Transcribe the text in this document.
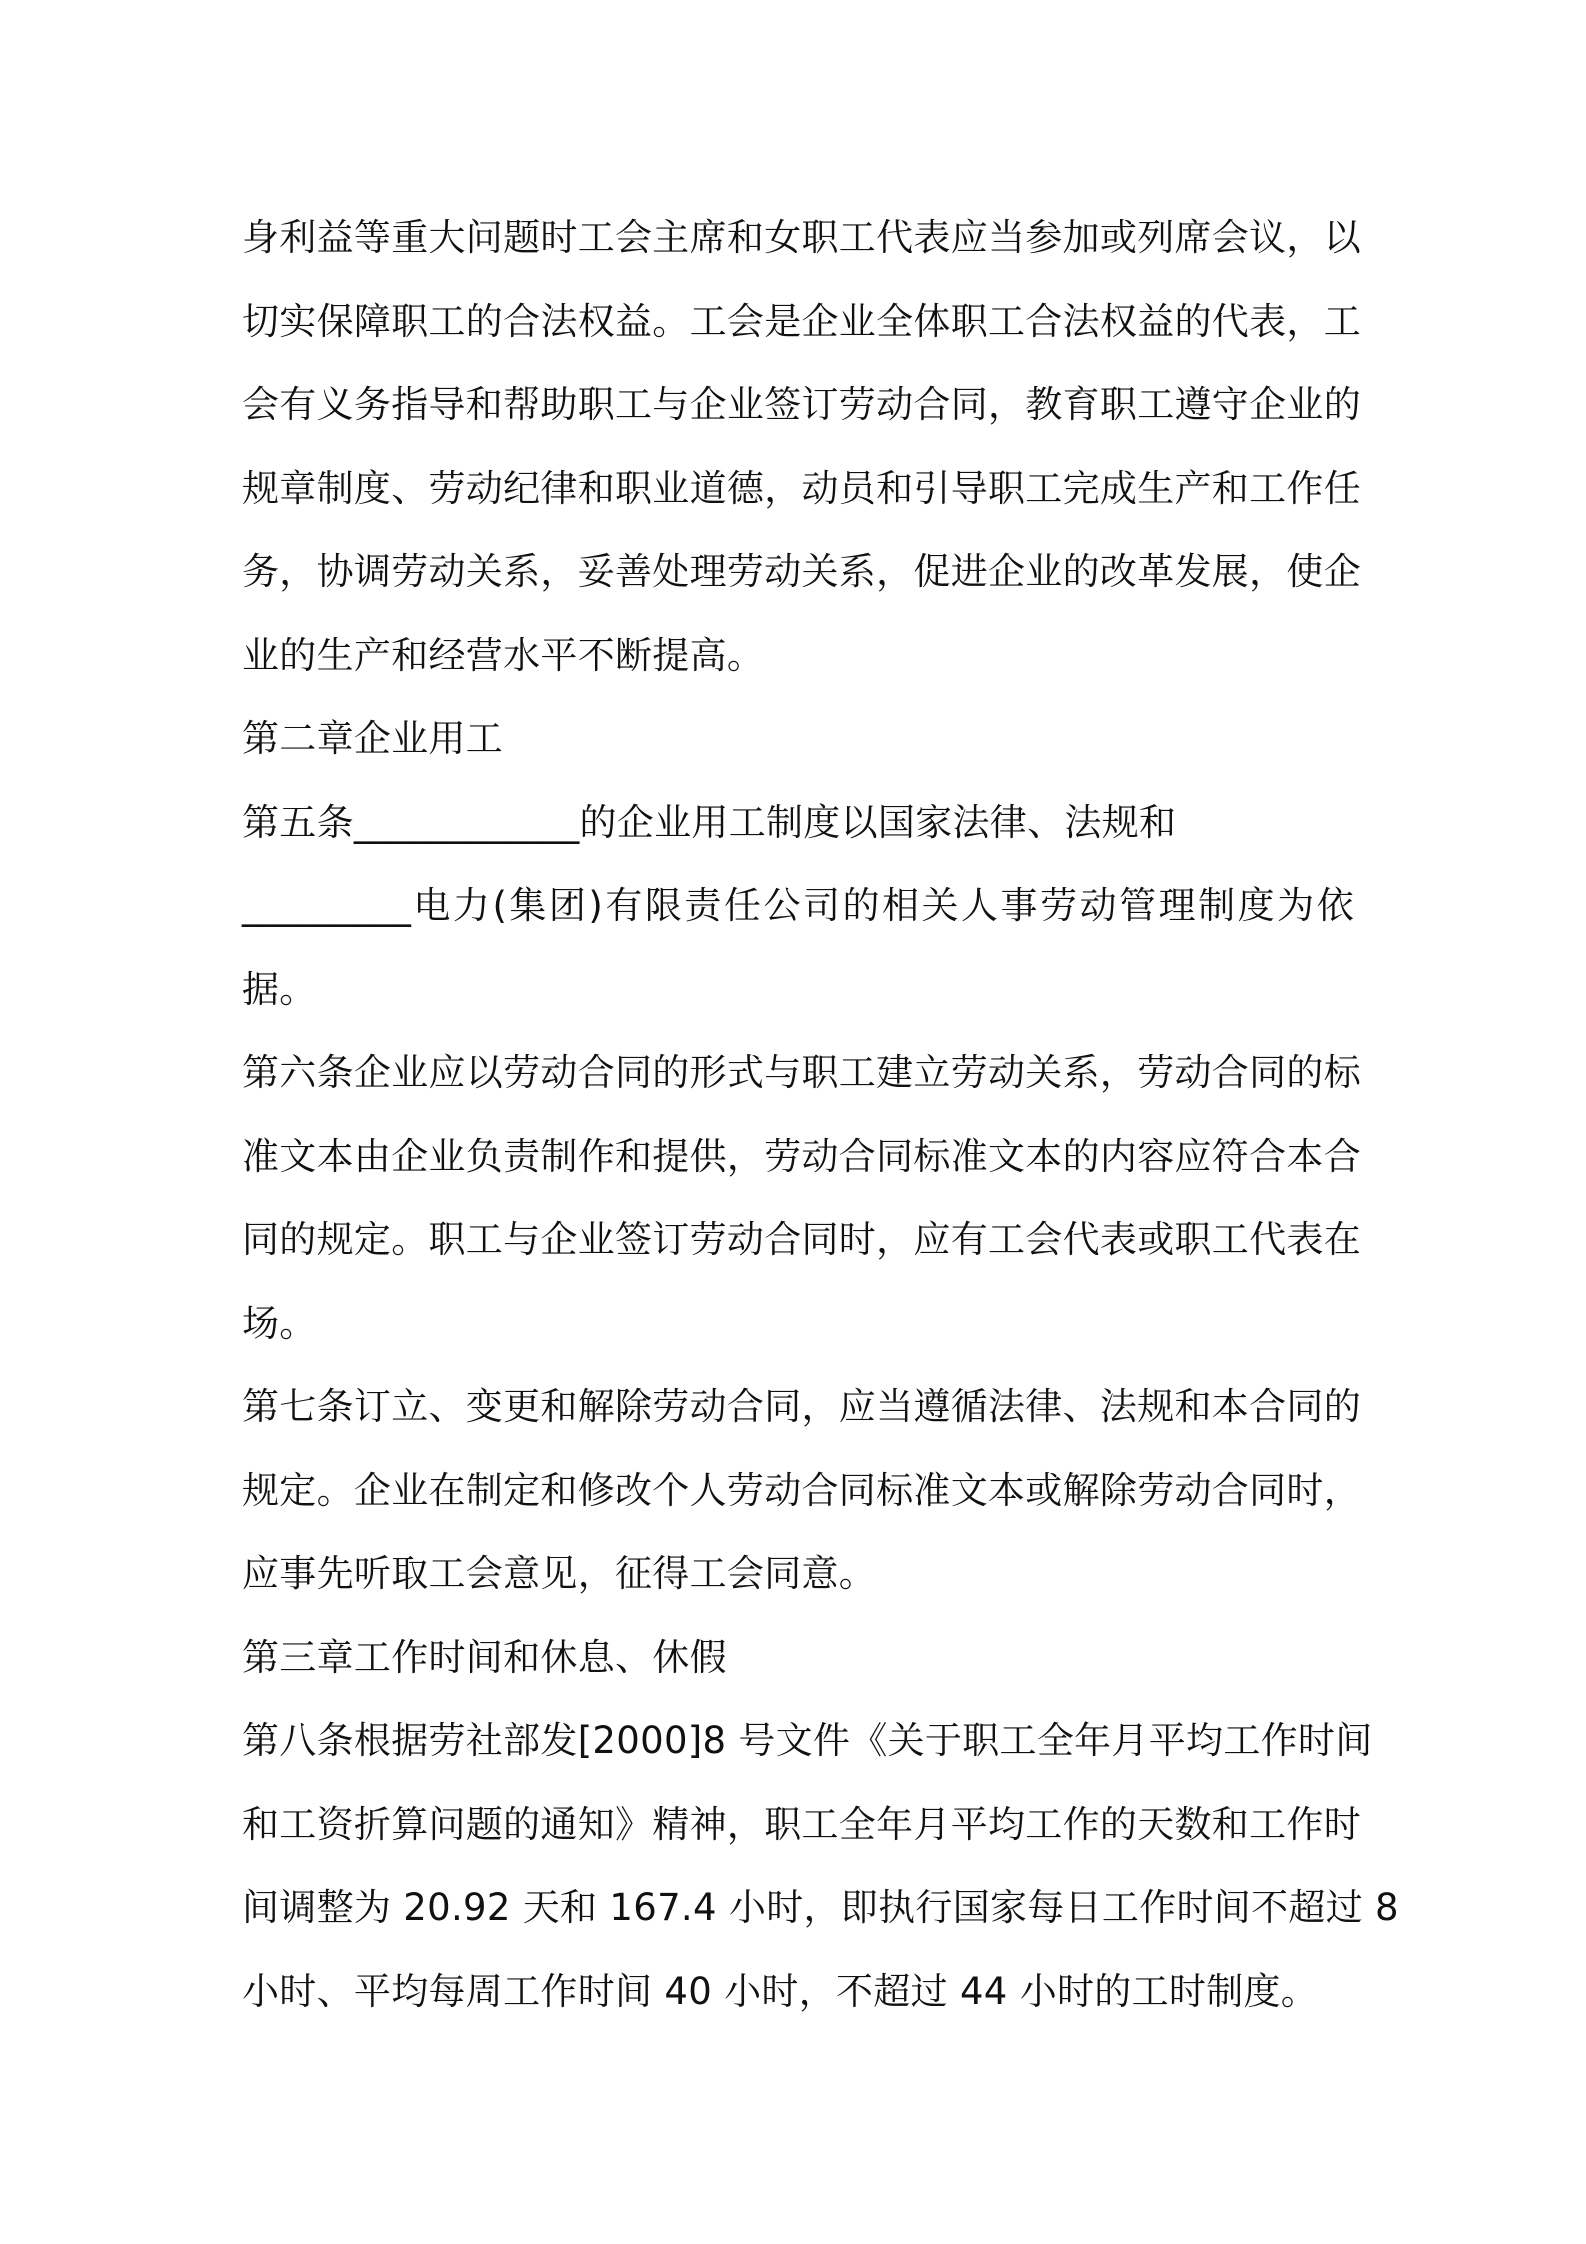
身利益等重大问题时工会主席和女职工代表应当参加或列席会议，以
切实保障职工的合法权益。工会是企业全体职工合法权益的代表，工
会有义务指导和帮助职工与企业签订劳动合同，教育职工遵守企业的
规章制度、劳动纪律和职业道德，动员和引导职工完成生产和工作任
务，协调劳动关系，妥善处理劳动关系，促进企业的改革发展，使企
业的生产和经营水平不断提高。
第二章企业用工
第五条____________的企业用工制度以国家法律、法规和
_________电力(集团)有限责任公司的相关人事劳动管理制度为依
据。
第六条企业应以劳动合同的形式与职工建立劳动关系，劳动合同的标
准文本由企业负责制作和提供，劳动合同标准文本的内容应符合本合
同的规定。职工与企业签订劳动合同时，应有工会代表或职工代表在
场。
第七条订立、变更和解除劳动合同，应当遵循法律、法规和本合同的
规定。企业在制定和修改个人劳动合同标准文本或解除劳动合同时，
应事先听取工会意见，征得工会同意。
第三章工作时间和休息、休假
第八条根据劳社部发[2000]8 号文件《关于职工全年月平均工作时间
和工资折算问题的通知》精神，职工全年月平均工作的天数和工作时
间调整为 20.92 天和 167.4 小时，即执行国家每日工作时间不超过 8
小时、平均每周工作时间 40 小时，不超过 44 小时的工时制度。
